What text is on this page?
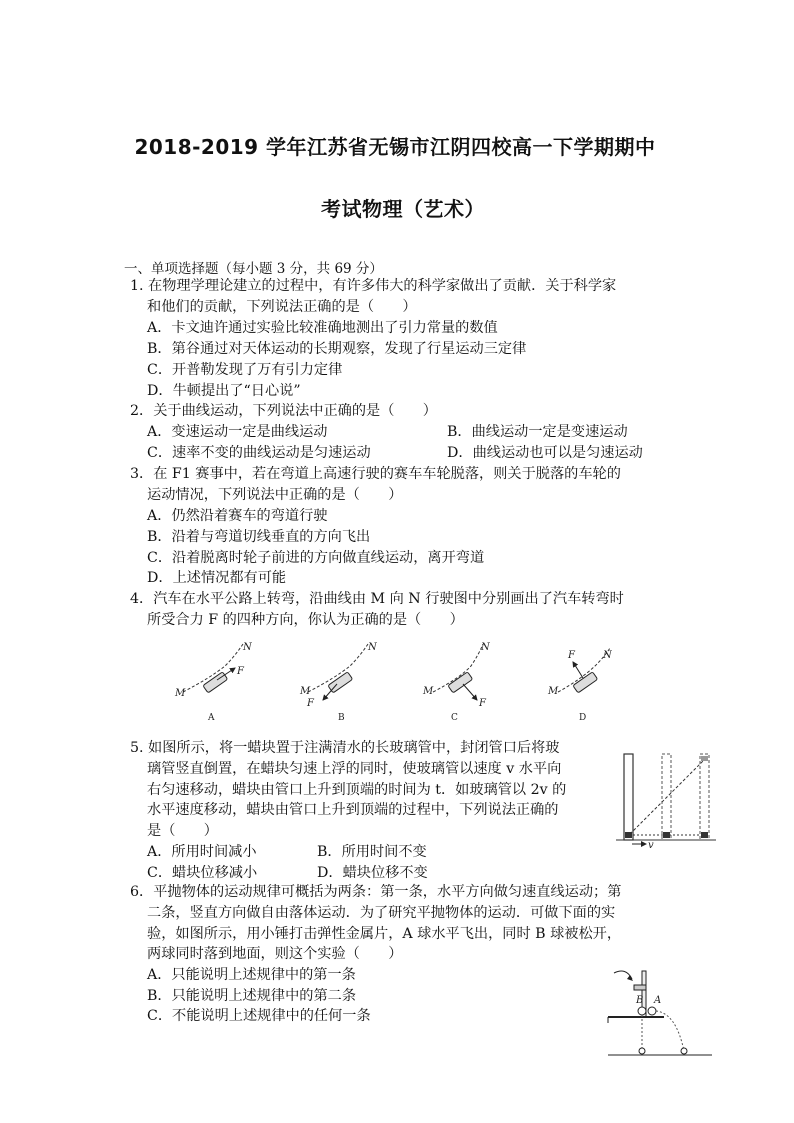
2018-2019 学年江苏省无锡市江阴四校高一下学期期中
考试物理（艺术）
一、单项选择题（每小题 3 分，共 69 分）
1. 在物理学理论建立的过程中，有许多伟大的科学家做出了贡献．关于科学家
和他们的贡献，下列说法正确的是（　　）
A．卡文迪许通过实验比较准确地测出了引力常量的数值
B．第谷通过对天体运动的长期观察，发现了行星运动三定律
C．开普勒发现了万有引力定律
D．牛顿提出了“日心说”
2．关于曲线运动，下列说法中正确的是（　　）
A．变速运动一定是曲线运动	B．曲线运动一定是变速运动
C．速率不变的曲线运动是匀速运动	D．曲线运动也可以是匀速运动
3．在 F1 赛事中，若在弯道上高速行驶的赛车车轮脱落，则关于脱落的车轮的
运动情况，下列说法中正确的是（　　）
A．仍然沿着赛车的弯道行驶
B．沿着与弯道切线垂直的方向飞出
C．沿着脱离时轮子前进的方向做直线运动，离开弯道
D．上述情况都有可能
4．汽车在水平公路上转弯，沿曲线由 M 向 N 行驶图中分别画出了汽车转弯时
所受合力 F 的四种方向，你认为正确的是（　　）
M
N
F
A
M
N
F
B
M
N
F
C
M
N
F
D
5. 如图所示，将一蜡块置于注满清水的长玻璃管中，封闭管口后将玻
璃管竖直倒置，在蜡块匀速上浮的同时，使玻璃管以速度 v 水平向
右匀速移动，蜡块由管口上升到顶端的时间为 t．如玻璃管以 2v 的
水平速度移动，蜡块由管口上升到顶端的过程中，下列说法正确的
是（　　）
A．所用时间减小	B．所用时间不变
C．蜡块位移减小	D．蜡块位移不变
v
6．平抛物体的运动规律可概括为两条：第一条，水平方向做匀速直线运动；第
二条，竖直方向做自由落体运动．为了研究平抛物体的运动．可做下面的实
验，如图所示，用小锤打击弹性金属片，A 球水平飞出，同时 B 球被松开，
两球同时落到地面，则这个实验（　　）
A．只能说明上述规律中的第一条
B．只能说明上述规律中的第二条
C．不能说明上述规律中的任何一条
B A
